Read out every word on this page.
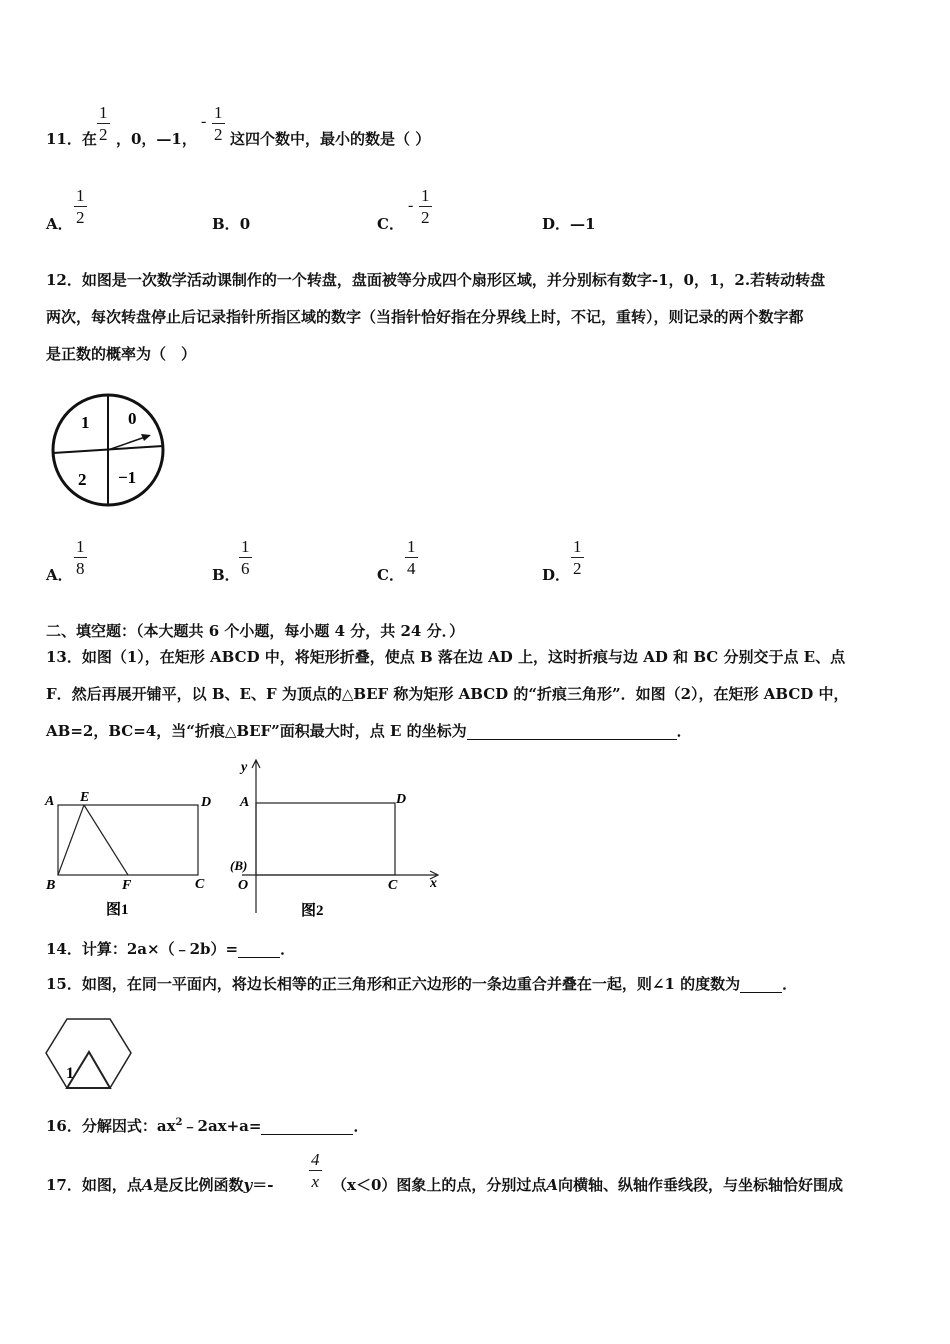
11．在
1
2 ，0，—1，
- 1
2 这四个数中，最小的数是（ ）
A．
1
2	B．0	C．
-
1
2	D．—1
12．如图是一次数学活动课制作的一个转盘，盘面被等分成四个扇形区域，并分别标有数字-1，0，1，2.若转动转盘
两次，每次转盘停止后记录指针所指区域的数字（当指针恰好指在分界线上时，不记，重转），则记录的两个数字都
是正数的概率为（　）
1 0
2 −1
A．
1
8	B．
1
6	C．
1
4	D．
1
2
二、填空题：（本大题共 6 个小题，每小题 4 分，共 24 分．）
13．如图（1），在矩形 ABCD 中，将矩形折叠，使点 B 落在边 AD 上，这时折痕与边 AD 和 BC 分别交于点 E、点
F．然后再展开铺平，以 B、E、F 为顶点的△BEF 称为矩形 ABCD 的“折痕三角形”．如图（2），在矩形 ABCD 中，
AB=2，BC=4，当“折痕△BEF”面积最大时，点 E 的坐标为	．
A E	D
B	F	C
图1
y
A	D
(B)
O	C x
图2
14．计算：2a×（﹣2b）=	．
15．如图，在同一平面内，将边长相等的正三角形和正六边形的一条边重合并叠在一起，则∠1 的度数为	．
1
16．分解因式：$ax^2﹣2ax+a=$	．
17．如图，点A是反比例函数y＝-
4
x （x＜0）图象上的点，分别过点A向横轴、纵轴作垂线段，与坐标轴恰好围成
